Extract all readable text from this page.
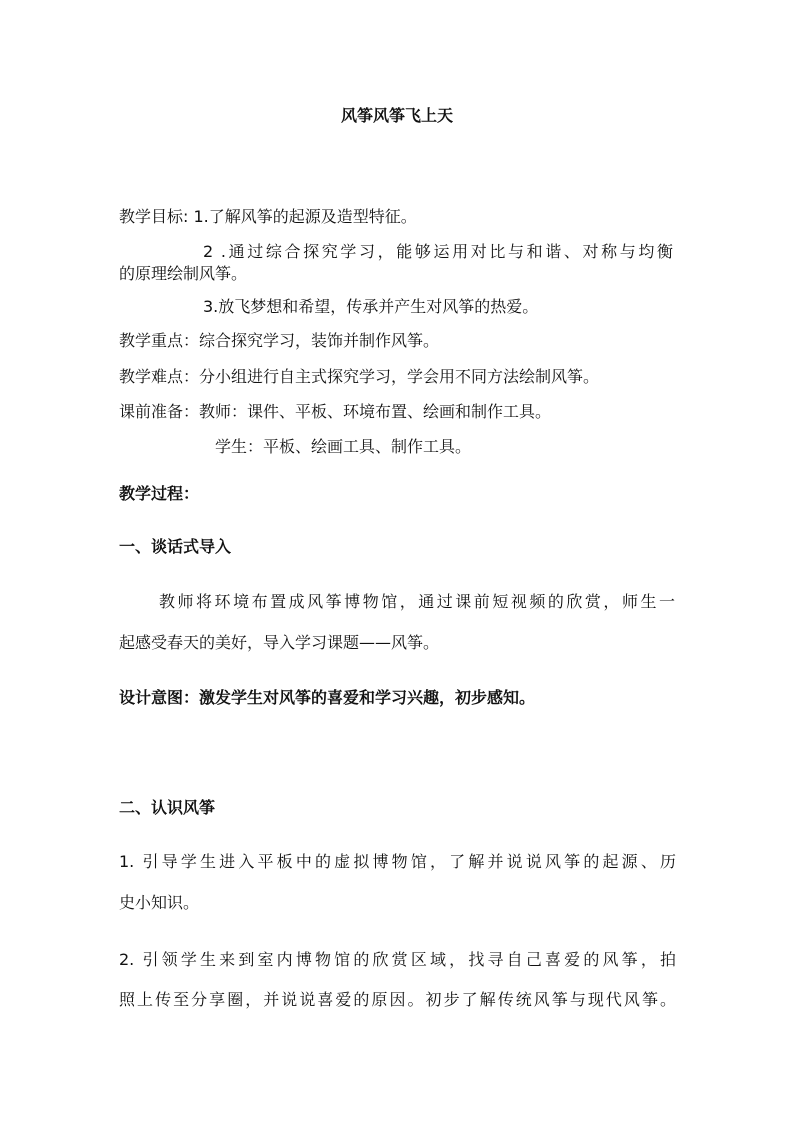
风筝风筝飞上天
教学目标: 1.了解风筝的起源及造型特征。
2 .通过综合探究学习，能够运用对比与和谐、对称与均衡
的原理绘制风筝。
3.放飞梦想和希望，传承并产生对风筝的热爱。
教学重点：综合探究学习，装饰并制作风筝。
教学难点：分小组进行自主式探究学习，学会用不同方法绘制风筝。
课前准备：教师：课件、平板、环境布置、绘画和制作工具。
学生：平板、绘画工具、制作工具。
教学过程：
一、谈话式导入
教师将环境布置成风筝博物馆，通过课前短视频的欣赏，师生一
起感受春天的美好，导入学习课题——风筝。
设计意图：激发学生对风筝的喜爱和学习兴趣，初步感知。
二、认识风筝
1. 引导学生进入平板中的虚拟博物馆，了解并说说风筝的起源、历
史小知识。
2. 引领学生来到室内博物馆的欣赏区域，找寻自己喜爱的风筝，拍
照上传至分享圈，并说说喜爱的原因。初步了解传统风筝与现代风筝。
